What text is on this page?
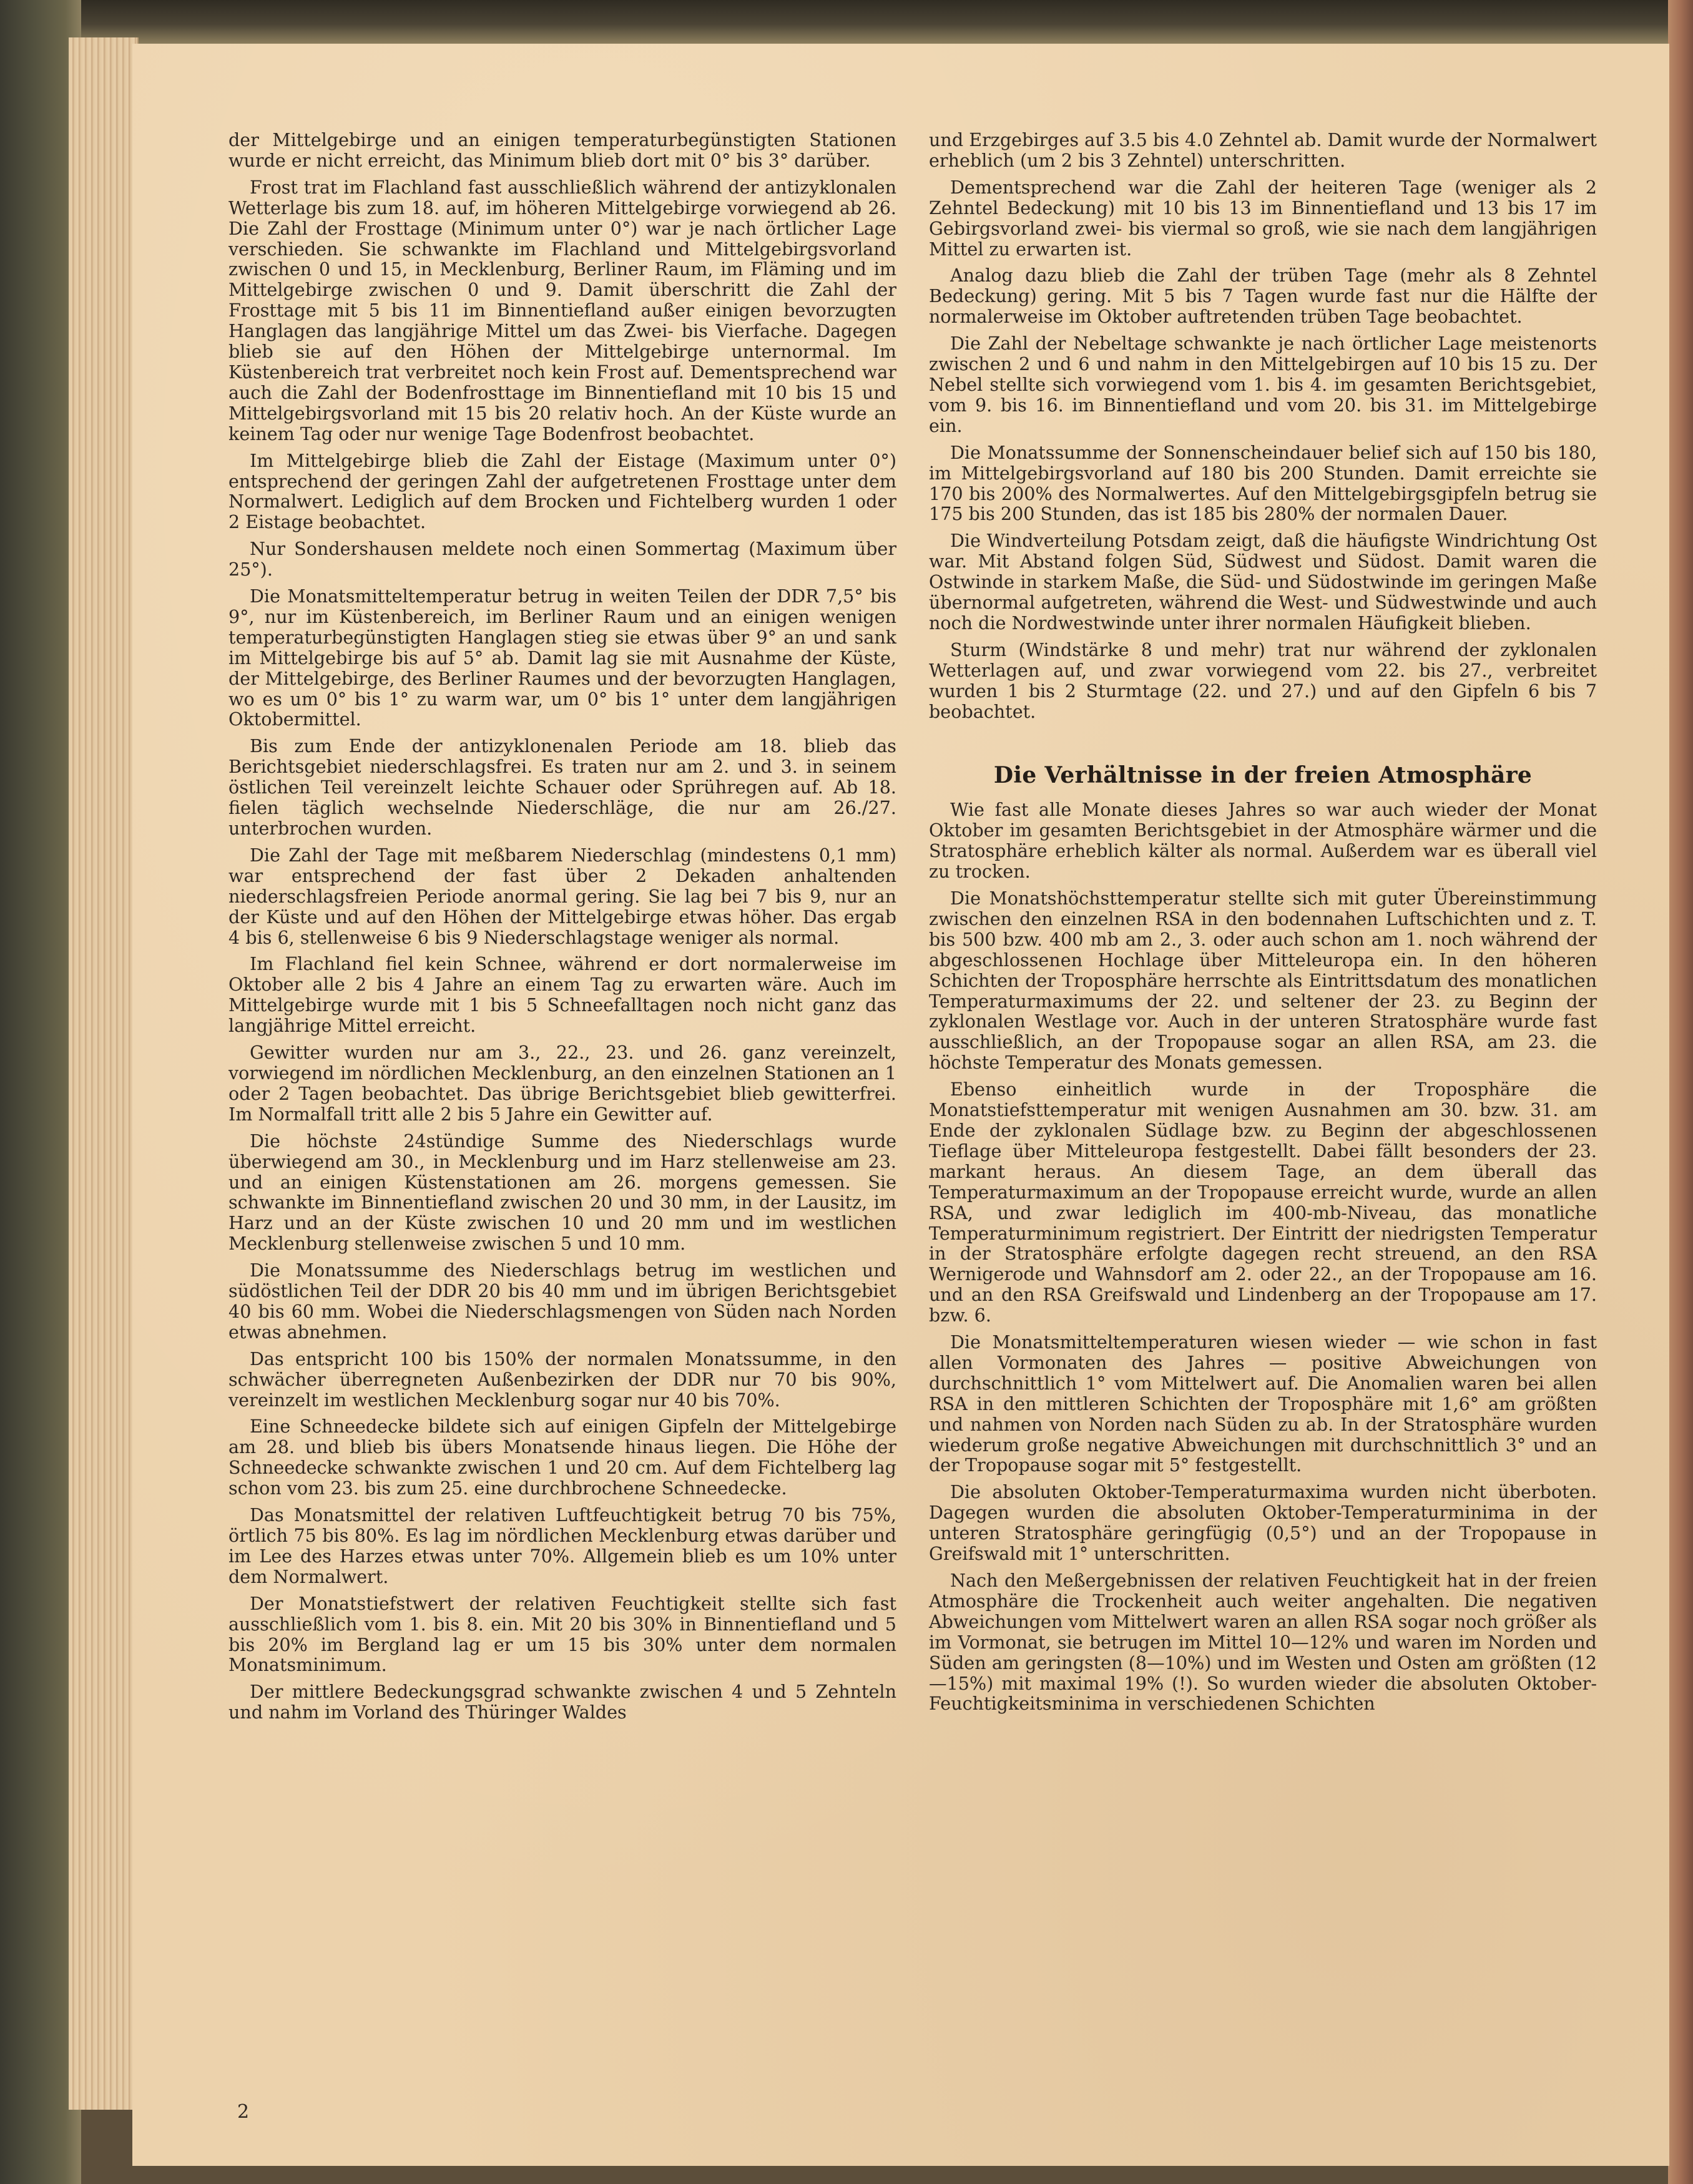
der Mittelgebirge und an einigen temperaturbegünstigten Stationen wurde er nicht erreicht, das Minimum blieb dort mit 0° bis 3° darüber.

Frost trat im Flachland fast ausschließlich während der antizyklonalen Wetterlage bis zum 18. auf, im höheren Mittelgebirge vorwiegend ab 26. Die Zahl der Frosttage (Minimum unter 0°) war je nach örtlicher Lage verschieden. Sie schwankte im Flachland und Mittelgebirgsvorland zwischen 0 und 15, in Mecklenburg, Berliner Raum, im Fläming und im Mittelgebirge zwischen 0 und 9. Damit überschritt die Zahl der Frosttage mit 5 bis 11 im Binnentiefland außer einigen bevorzugten Hanglagen das langjährige Mittel um das Zwei- bis Vierfache. Dagegen blieb sie auf den Höhen der Mittelgebirge unternormal. Im Küstenbereich trat verbreitet noch kein Frost auf. Dementsprechend war auch die Zahl der Bodenfrosttage im Binnentiefland mit 10 bis 15 und Mittelgebirgsvorland mit 15 bis 20 relativ hoch. An der Küste wurde an keinem Tag oder nur wenige Tage Bodenfrost beobachtet.

Im Mittelgebirge blieb die Zahl der Eistage (Maximum unter 0°) entsprechend der geringen Zahl der aufgetretenen Frosttage unter dem Normalwert. Lediglich auf dem Brocken und Fichtelberg wurden 1 oder 2 Eistage beobachtet.

Nur Sondershausen meldete noch einen Sommertag (Maximum über 25°).

Die Monatsmitteltemperatur betrug in weiten Teilen der DDR 7,5° bis 9°, nur im Küstenbereich, im Berliner Raum und an einigen wenigen temperaturbegünstigten Hanglagen stieg sie etwas über 9° an und sank im Mittelgebirge bis auf 5° ab. Damit lag sie mit Ausnahme der Küste, der Mittelgebirge, des Berliner Raumes und der bevorzugten Hanglagen, wo es um 0° bis 1° zu warm war, um 0° bis 1° unter dem langjährigen Oktobermittel.

Bis zum Ende der antizyklonenalen Periode am 18. blieb das Berichtsgebiet niederschlagsfrei. Es traten nur am 2. und 3. in seinem östlichen Teil vereinzelt leichte Schauer oder Sprühregen auf. Ab 18. fielen täglich wechselnde Niederschläge, die nur am 26./27. unterbrochen wurden.

Die Zahl der Tage mit meßbarem Niederschlag (mindestens 0,1 mm) war entsprechend der fast über 2 Dekaden anhaltenden niederschlagsfreien Periode anormal gering. Sie lag bei 7 bis 9, nur an der Küste und auf den Höhen der Mittelgebirge etwas höher. Das ergab 4 bis 6, stellenweise 6 bis 9 Niederschlagstage weniger als normal.

Im Flachland fiel kein Schnee, während er dort normalerweise im Oktober alle 2 bis 4 Jahre an einem Tag zu erwarten wäre. Auch im Mittelgebirge wurde mit 1 bis 5 Schneefalltagen noch nicht ganz das langjährige Mittel erreicht.

Gewitter wurden nur am 3., 22., 23. und 26. ganz vereinzelt, vorwiegend im nördlichen Mecklenburg, an den einzelnen Stationen an 1 oder 2 Tagen beobachtet. Das übrige Berichtsgebiet blieb gewitterfrei. Im Normalfall tritt alle 2 bis 5 Jahre ein Gewitter auf.

Die höchste 24stündige Summe des Niederschlags wurde überwiegend am 30., in Mecklenburg und im Harz stellenweise am 23. und an einigen Küstenstationen am 26. morgens gemessen. Sie schwankte im Binnentiefland zwischen 20 und 30 mm, in der Lausitz, im Harz und an der Küste zwischen 10 und 20 mm und im westlichen Mecklenburg stellenweise zwischen 5 und 10 mm.

Die Monatssumme des Niederschlags betrug im westlichen und südöstlichen Teil der DDR 20 bis 40 mm und im übrigen Berichtsgebiet 40 bis 60 mm. Wobei die Niederschlagsmengen von Süden nach Norden etwas abnehmen.

Das entspricht 100 bis 150% der normalen Monatssumme, in den schwächer überregneten Außenbezirken der DDR nur 70 bis 90%, vereinzelt im westlichen Mecklenburg sogar nur 40 bis 70%.

Eine Schneedecke bildete sich auf einigen Gipfeln der Mittelgebirge am 28. und blieb bis übers Monatsende hinaus liegen. Die Höhe der Schneedecke schwankte zwischen 1 und 20 cm. Auf dem Fichtelberg lag schon vom 23. bis zum 25. eine durchbrochene Schneedecke.

Das Monatsmittel der relativen Luftfeuchtigkeit betrug 70 bis 75%, örtlich 75 bis 80%. Es lag im nördlichen Mecklenburg etwas darüber und im Lee des Harzes etwas unter 70%. Allgemein blieb es um 10% unter dem Normalwert.

Der Monatstiefstwert der relativen Feuchtigkeit stellte sich fast ausschließlich vom 1. bis 8. ein. Mit 20 bis 30% in Binnentiefland und 5 bis 20% im Bergland lag er um 15 bis 30% unter dem normalen Monatsminimum.

Der mittlere Bedeckungsgrad schwankte zwischen 4 und 5 Zehnteln und nahm im Vorland des Thüringer Waldes

und Erzgebirges auf 3.5 bis 4.0 Zehntel ab. Damit wurde der Normalwert erheblich (um 2 bis 3 Zehntel) unterschritten.

Dementsprechend war die Zahl der heiteren Tage (weniger als 2 Zehntel Bedeckung) mit 10 bis 13 im Binnentiefland und 13 bis 17 im Gebirgsvorland zwei- bis viermal so groß, wie sie nach dem langjährigen Mittel zu erwarten ist.

Analog dazu blieb die Zahl der trüben Tage (mehr als 8 Zehntel Bedeckung) gering. Mit 5 bis 7 Tagen wurde fast nur die Hälfte der normalerweise im Oktober auftretenden trüben Tage beobachtet.

Die Zahl der Nebeltage schwankte je nach örtlicher Lage meistenorts zwischen 2 und 6 und nahm in den Mittelgebirgen auf 10 bis 15 zu. Der Nebel stellte sich vorwiegend vom 1. bis 4. im gesamten Berichtsgebiet, vom 9. bis 16. im Binnentiefland und vom 20. bis 31. im Mittelgebirge ein.

Die Monatssumme der Sonnenscheindauer belief sich auf 150 bis 180, im Mittelgebirgsvorland auf 180 bis 200 Stunden. Damit erreichte sie 170 bis 200% des Normalwertes. Auf den Mittelgebirgsgipfeln betrug sie 175 bis 200 Stunden, das ist 185 bis 280% der normalen Dauer.

Die Windverteilung Potsdam zeigt, daß die häufigste Windrichtung Ost war. Mit Abstand folgen Süd, Südwest und Südost. Damit waren die Ostwinde in starkem Maße, die Süd- und Südostwinde im geringen Maße übernormal aufgetreten, während die West- und Südwestwinde und auch noch die Nordwestwinde unter ihrer normalen Häufigkeit blieben.

Sturm (Windstärke 8 und mehr) trat nur während der zyklonalen Wetterlagen auf, und zwar vorwiegend vom 22. bis 27., verbreitet wurden 1 bis 2 Sturmtage (22. und 27.) und auf den Gipfeln 6 bis 7 beobachtet.

Die Verhältnisse in der freien Atmosphäre

Wie fast alle Monate dieses Jahres so war auch wieder der Monat Oktober im gesamten Berichtsgebiet in der Atmosphäre wärmer und die Stratosphäre erheblich kälter als normal. Außerdem war es überall viel zu trocken.

Die Monatshöchsttemperatur stellte sich mit guter Übereinstimmung zwischen den einzelnen RSA in den bodennahen Luftschichten und z. T. bis 500 bzw. 400 mb am 2., 3. oder auch schon am 1. noch während der abgeschlossenen Hochlage über Mitteleuropa ein. In den höheren Schichten der Troposphäre herrschte als Eintrittsdatum des monatlichen Temperaturmaximums der 22. und seltener der 23. zu Beginn der zyklonalen Westlage vor. Auch in der unteren Stratosphäre wurde fast ausschließlich, an der Tropopause sogar an allen RSA, am 23. die höchste Temperatur des Monats gemessen.

Ebenso einheitlich wurde in der Troposphäre die Monatstiefsttemperatur mit wenigen Ausnahmen am 30. bzw. 31. am Ende der zyklonalen Südlage bzw. zu Beginn der abgeschlossenen Tieflage über Mitteleuropa festgestellt. Dabei fällt besonders der 23. markant heraus. An diesem Tage, an dem überall das Temperaturmaximum an der Tropopause erreicht wurde, wurde an allen RSA, und zwar lediglich im 400-mb-Niveau, das monatliche Temperaturminimum registriert. Der Eintritt der niedrigsten Temperatur in der Stratosphäre erfolgte dagegen recht streuend, an den RSA Wernigerode und Wahnsdorf am 2. oder 22., an der Tropopause am 16. und an den RSA Greifswald und Lindenberg an der Tropopause am 17. bzw. 6.

Die Monatsmitteltemperaturen wiesen wieder — wie schon in fast allen Vormonaten des Jahres — positive Abweichungen von durchschnittlich 1° vom Mittelwert auf. Die Anomalien waren bei allen RSA in den mittleren Schichten der Troposphäre mit 1,6° am größten und nahmen von Norden nach Süden zu ab. In der Stratosphäre wurden wiederum große negative Abweichungen mit durchschnittlich 3° und an der Tropopause sogar mit 5° festgestellt.

Die absoluten Oktober-Temperaturmaxima wurden nicht überboten. Dagegen wurden die absoluten Oktober-Temperaturminima in der unteren Stratosphäre geringfügig (0,5°) und an der Tropopause in Greifswald mit 1° unterschritten.

Nach den Meßergebnissen der relativen Feuchtigkeit hat in der freien Atmosphäre die Trockenheit auch weiter angehalten. Die negativen Abweichungen vom Mittelwert waren an allen RSA sogar noch größer als im Vormonat, sie betrugen im Mittel 10—12% und waren im Norden und Süden am geringsten (8—10%) und im Westen und Osten am größten (12—15%) mit maximal 19% (!). So wurden wieder die absoluten Oktober-Feuchtigkeitsminima in verschiedenen Schichten

2
